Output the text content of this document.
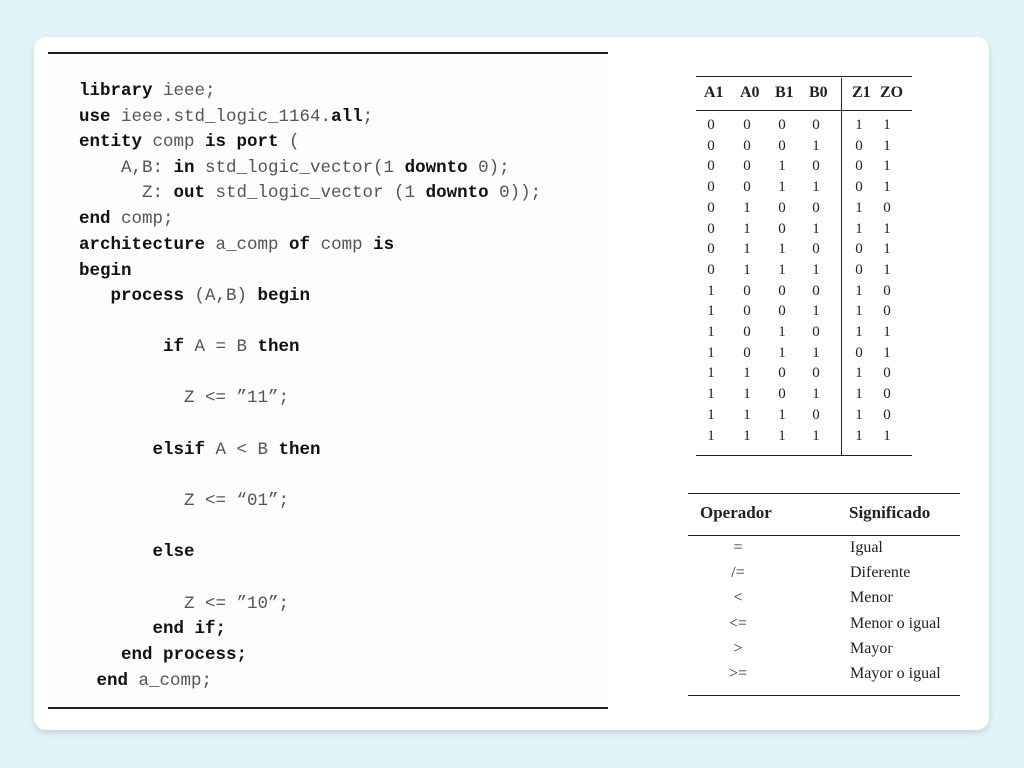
library ieee;
use ieee.std_logic_1164.all;
entity comp is port (
A,B: in std_logic_vector(1 downto 0);
Z: out std_logic_vector (1 downto 0));
end comp;
architecture a_comp of comp is
begin
process (A,B) begin
if A = B then
Z <= ”11”;
elsif A < B then
Z <= “01”;
else
Z <= ”10”;
end if;
end process;
end a_comp;
A1 A0 B1 B0 Z1 ZO
0	0	0	0	1	1
0	0	0	1	0	1
0	0	1	0	0	1
0	0	1	1	0	1
0	1	0	0	1	0
0	1	0	1	1	1
0	1	1	0	0	1
0	1	1	1	0	1
1	0	0	0	1	0
1	0	0	1	1	0
1	0	1	0	1	1
1	0	1	1	0	1
1	1	0	0	1	0
1	1	0	1	1	0
1	1	1	0	1	0
1	1	1	1	1	1
Operador	Significado
=	Igual
/=	Diferente
<	Menor
<=	Menor o igual
>	Mayor
>=	Mayor o igual
